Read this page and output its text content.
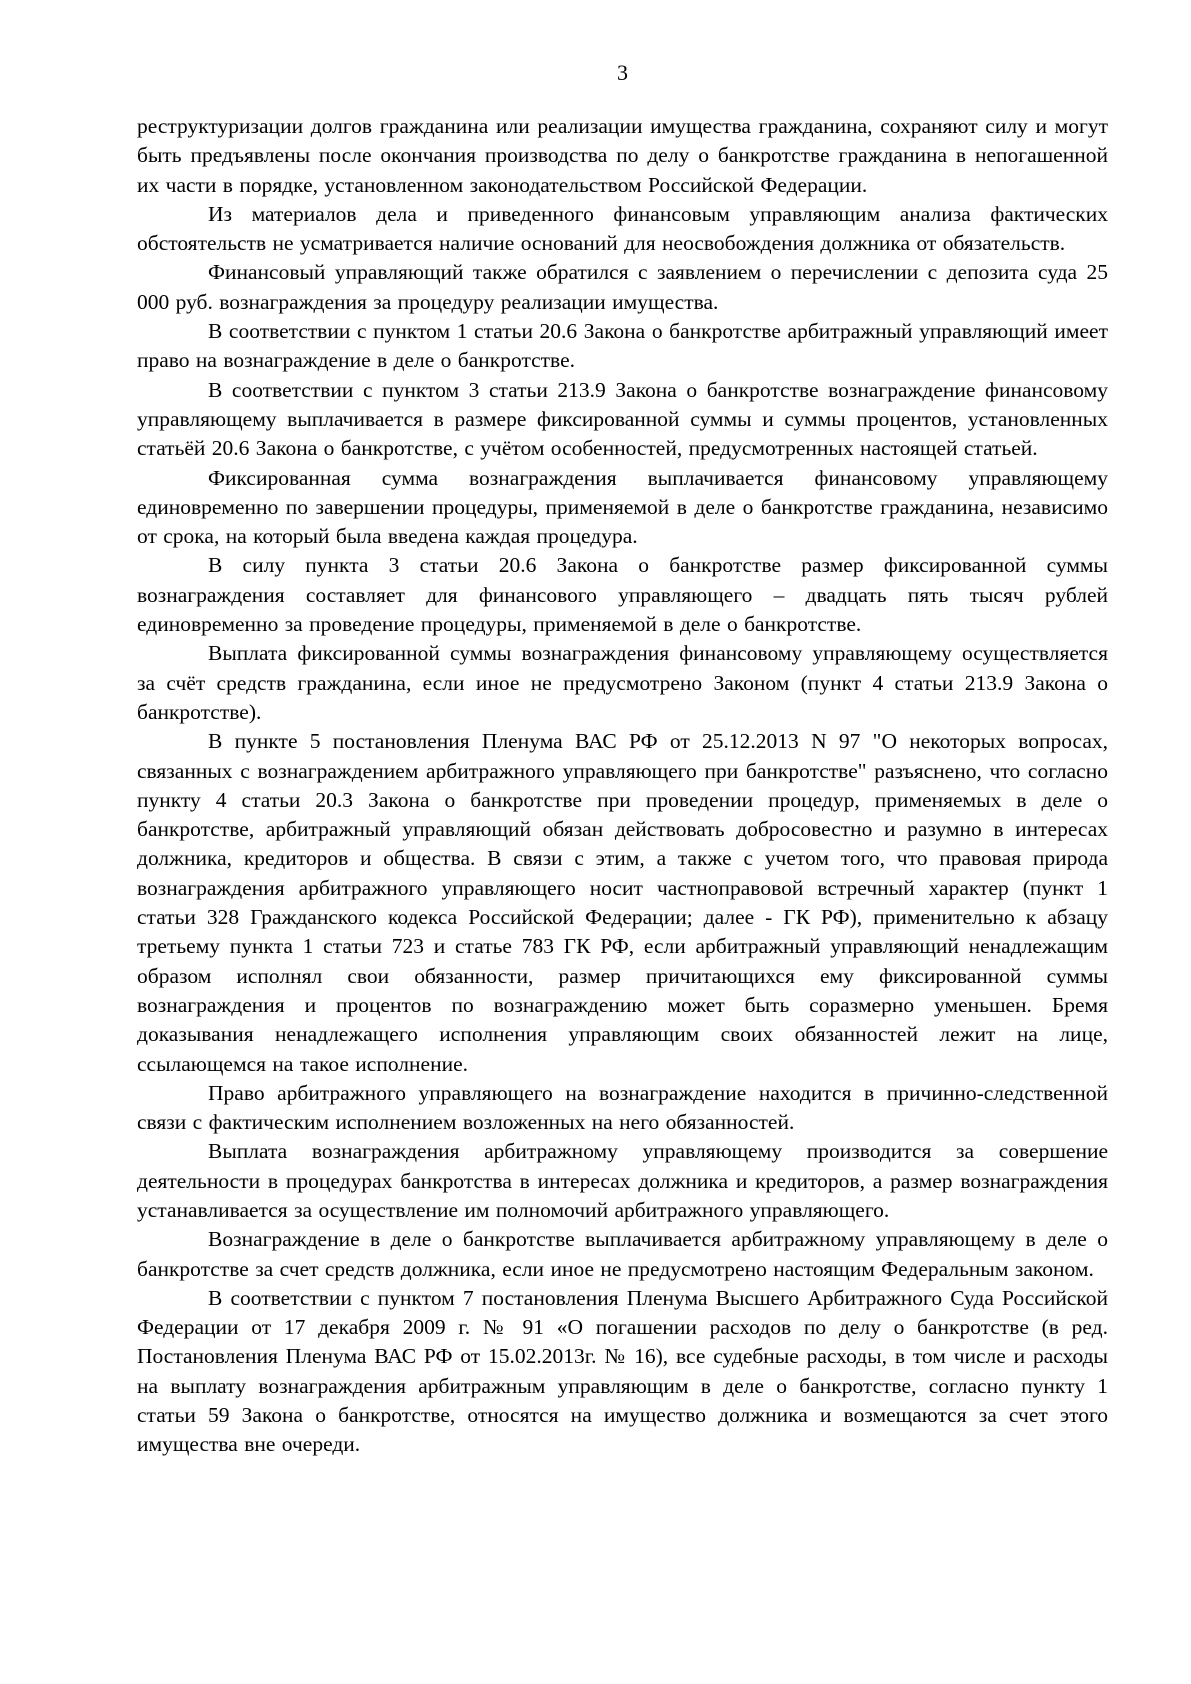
3

реструктуризации долгов гражданина или реализации имущества гражданина, сохраняют силу и могут быть предъявлены после окончания производства по делу о банкротстве гражданина в непогашенной их части в порядке, установленном законодательством Российской Федерации.

Из материалов дела и приведенного финансовым управляющим анализа фактических обстоятельств не усматривается наличие оснований для неосвобождения должника от обязательств.

Финансовый управляющий также обратился с заявлением о перечислении с депозита суда 25 000 руб. вознаграждения за процедуру реализации имущества.

В соответствии с пунктом 1 статьи 20.6 Закона о банкротстве арбитражный управляющий имеет право на вознаграждение в деле о банкротстве.

В соответствии с пунктом 3 статьи 213.9 Закона о банкротстве вознаграждение финансовому управляющему выплачивается в размере фиксированной суммы и суммы процентов, установленных статьёй 20.6 Закона о банкротстве, с учётом особенностей, предусмотренных настоящей статьей.

Фиксированная сумма вознаграждения выплачивается финансовому управляющему единовременно по завершении процедуры, применяемой в деле о банкротстве гражданина, независимо от срока, на который была введена каждая процедура.

В силу пункта 3 статьи 20.6 Закона о банкротстве размер фиксированной суммы вознаграждения составляет для финансового управляющего – двадцать пять тысяч рублей единовременно за проведение процедуры, применяемой в деле о банкротстве.

Выплата фиксированной суммы вознаграждения финансовому управляющему осуществляется за счёт средств гражданина, если иное не предусмотрено Законом (пункт 4 статьи 213.9 Закона о банкротстве).

В пункте 5 постановления Пленума ВАС РФ от 25.12.2013 N 97 "О некоторых вопросах, связанных с вознаграждением арбитражного управляющего при банкротстве" разъяснено, что согласно пункту 4 статьи 20.3 Закона о банкротстве при проведении процедур, применяемых в деле о банкротстве, арбитражный управляющий обязан действовать добросовестно и разумно в интересах должника, кредиторов и общества. В связи с этим, а также с учетом того, что правовая природа вознаграждения арбитражного управляющего носит частноправовой встречный характер (пункт 1 статьи 328 Гражданского кодекса Российской Федерации; далее - ГК РФ), применительно к абзацу третьему пункта 1 статьи 723 и статье 783 ГК РФ, если арбитражный управляющий ненадлежащим образом исполнял свои обязанности, размер причитающихся ему фиксированной суммы вознаграждения и процентов по вознаграждению может быть соразмерно уменьшен. Бремя доказывания ненадлежащего исполнения управляющим своих обязанностей лежит на лице, ссылающемся на такое исполнение.

Право арбитражного управляющего на вознаграждение находится в причинно-следственной связи с фактическим исполнением возложенных на него обязанностей.

Выплата вознаграждения арбитражному управляющему производится за совершение деятельности в процедурах банкротства в интересах должника и кредиторов, а размер вознаграждения устанавливается за осуществление им полномочий арбитражного управляющего.

Вознаграждение в деле о банкротстве выплачивается арбитражному управляющему в деле о банкротстве за счет средств должника, если иное не предусмотрено настоящим Федеральным законом.

В соответствии с пунктом 7 постановления Пленума Высшего Арбитражного Суда Российской Федерации от 17 декабря 2009 г. № 91 «О погашении расходов по делу о банкротстве (в ред. Постановления Пленума ВАС РФ от 15.02.2013г. № 16), все судебные расходы, в том числе и расходы на выплату вознаграждения арбитражным управляющим в деле о банкротстве, согласно пункту 1 статьи 59 Закона о банкротстве, относятся на имущество должника и возмещаются за счет этого имущества вне очереди.
